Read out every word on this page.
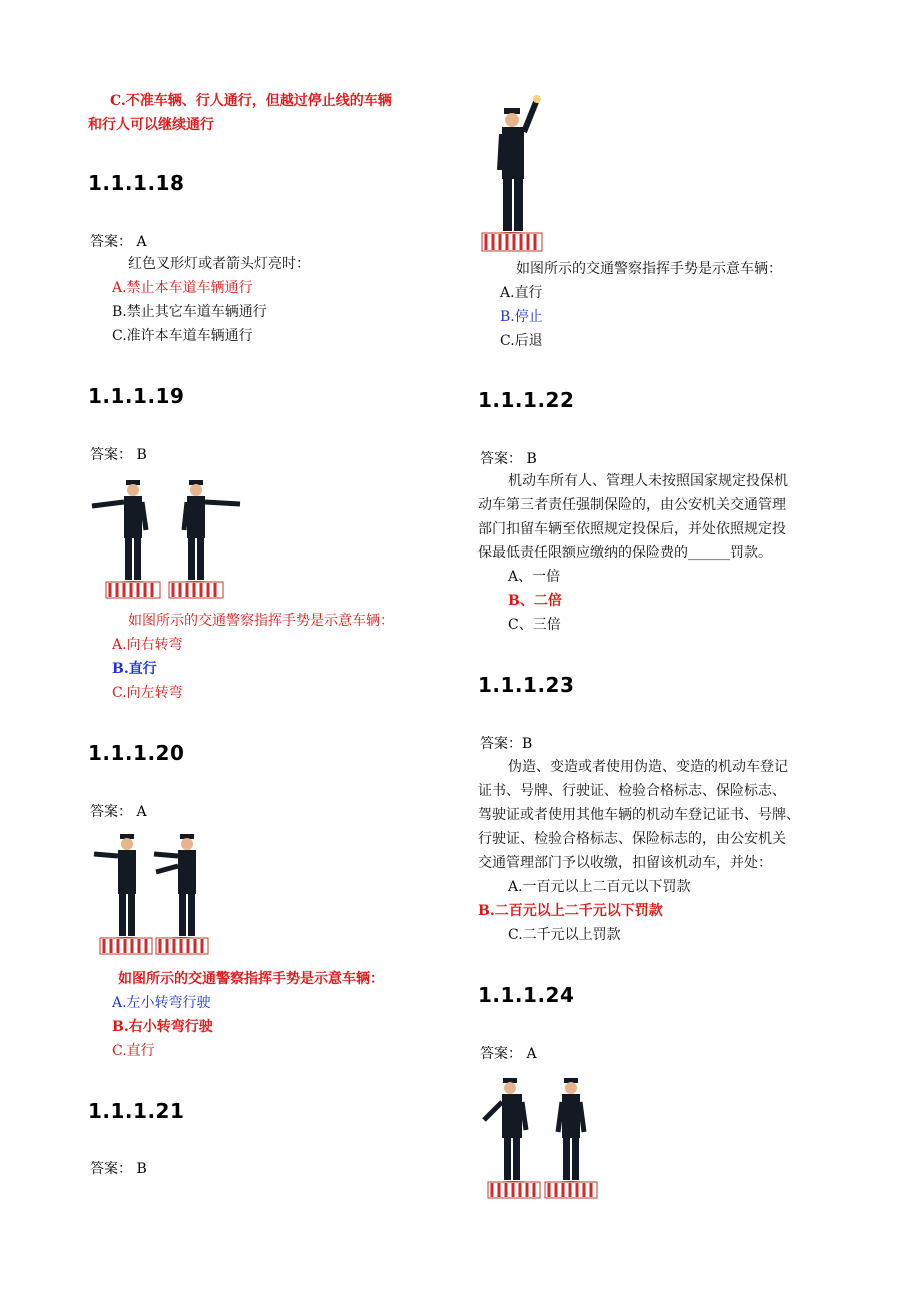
C.不准车辆、行人通行，但越过停止线的车辆
和行人可以继续通行
1.1.1.18
答案： A
红色叉形灯或者箭头灯亮时：
A.禁止本车道车辆通行
B.禁止其它车道车辆通行
C.准许本车道车辆通行
1.1.1.19
答案： B
如图所示的交通警察指挥手势是示意车辆：
A.向右转弯
B.直行
C.向左转弯
1.1.1.20
答案： A
如图所示的交通警察指挥手势是示意车辆：
A.左小转弯行驶
B.右小转弯行驶
C.直行
1.1.1.21
答案： B
如图所示的交通警察指挥手势是示意车辆：
A.直行
B.停止
C.后退
1.1.1.22
答案： B
机动车所有人、管理人未按照国家规定投保机
动车第三者责任强制保险的，由公安机关交通管理
部门扣留车辆至依照规定投保后，并处依照规定投
保最低责任限额应缴纳的保险费的______罚款。
A、一倍
B、二倍
C、三倍
1.1.1.23
答案：B
伪造、变造或者使用伪造、变造的机动车登记
证书、号牌、行驶证、检验合格标志、保险标志、
驾驶证或者使用其他车辆的机动车登记证书、号牌、
行驶证、检验合格标志、保险标志的，由公安机关
交通管理部门予以收缴，扣留该机动车，并处：
A.一百元以上二百元以下罚款
B.二百元以上二千元以下罚款
C.二千元以上罚款
1.1.1.24
答案： A
